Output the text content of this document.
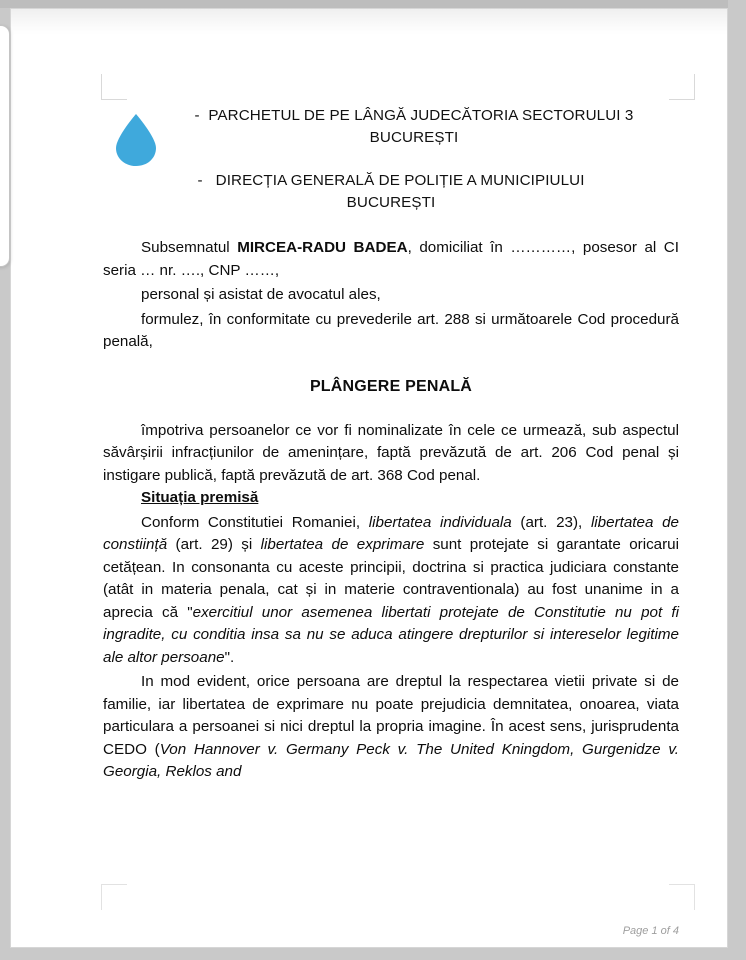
- PARCHETUL DE PE LÂNGĂ JUDECĂTORIA SECTORULUI 3
BUCUREȘTI
- DIRECȚIA GENERALĂ DE POLIȚIE A MUNICIPIULUI
BUCUREȘTI

Subsemnatul MIRCEA-RADU BADEA, domiciliat în …………, posesor al CI seria … nr. …., CNP ……,

personal și asistat de avocatul ales,

formulez, în conformitate cu prevederile art. 288 si următoarele Cod procedură penală,

PLÂNGERE PENALĂ

împotriva persoanelor ce vor fi nominalizate în cele ce urmează, sub aspectul săvârșirii infracțiunilor de amenințare, faptă prevăzută de art. 206 Cod penal și instigare publică, faptă prevăzută de art. 368 Cod penal.

Situația premisă

Conform Constitutiei Romaniei, libertatea individuala (art. 23), libertatea de constiință (art. 29) și libertatea de exprimare sunt protejate si garantate oricarui cetățean. In consonanta cu aceste principii, doctrina si practica judiciara constante (atât in materia penala, cat și in materie contraventionala) au fost unanime in a aprecia că "exercitiul unor asemenea libertati protejate de Constitutie nu pot fi ingradite, cu conditia insa sa nu se aduca atingere drepturilor si intereselor legitime ale altor persoane".

In mod evident, orice persoana are dreptul la respectarea vietii private si de familie, iar libertatea de exprimare nu poate prejudicia demnitatea, onoarea, viata particulara a persoanei si nici dreptul la propria imagine. În acest sens, jurisprudenta CEDO (Von Hannover v. Germany Peck v. The United Kningdom, Gurgenidze v. Georgia, Reklos and

Page 1 of 4
